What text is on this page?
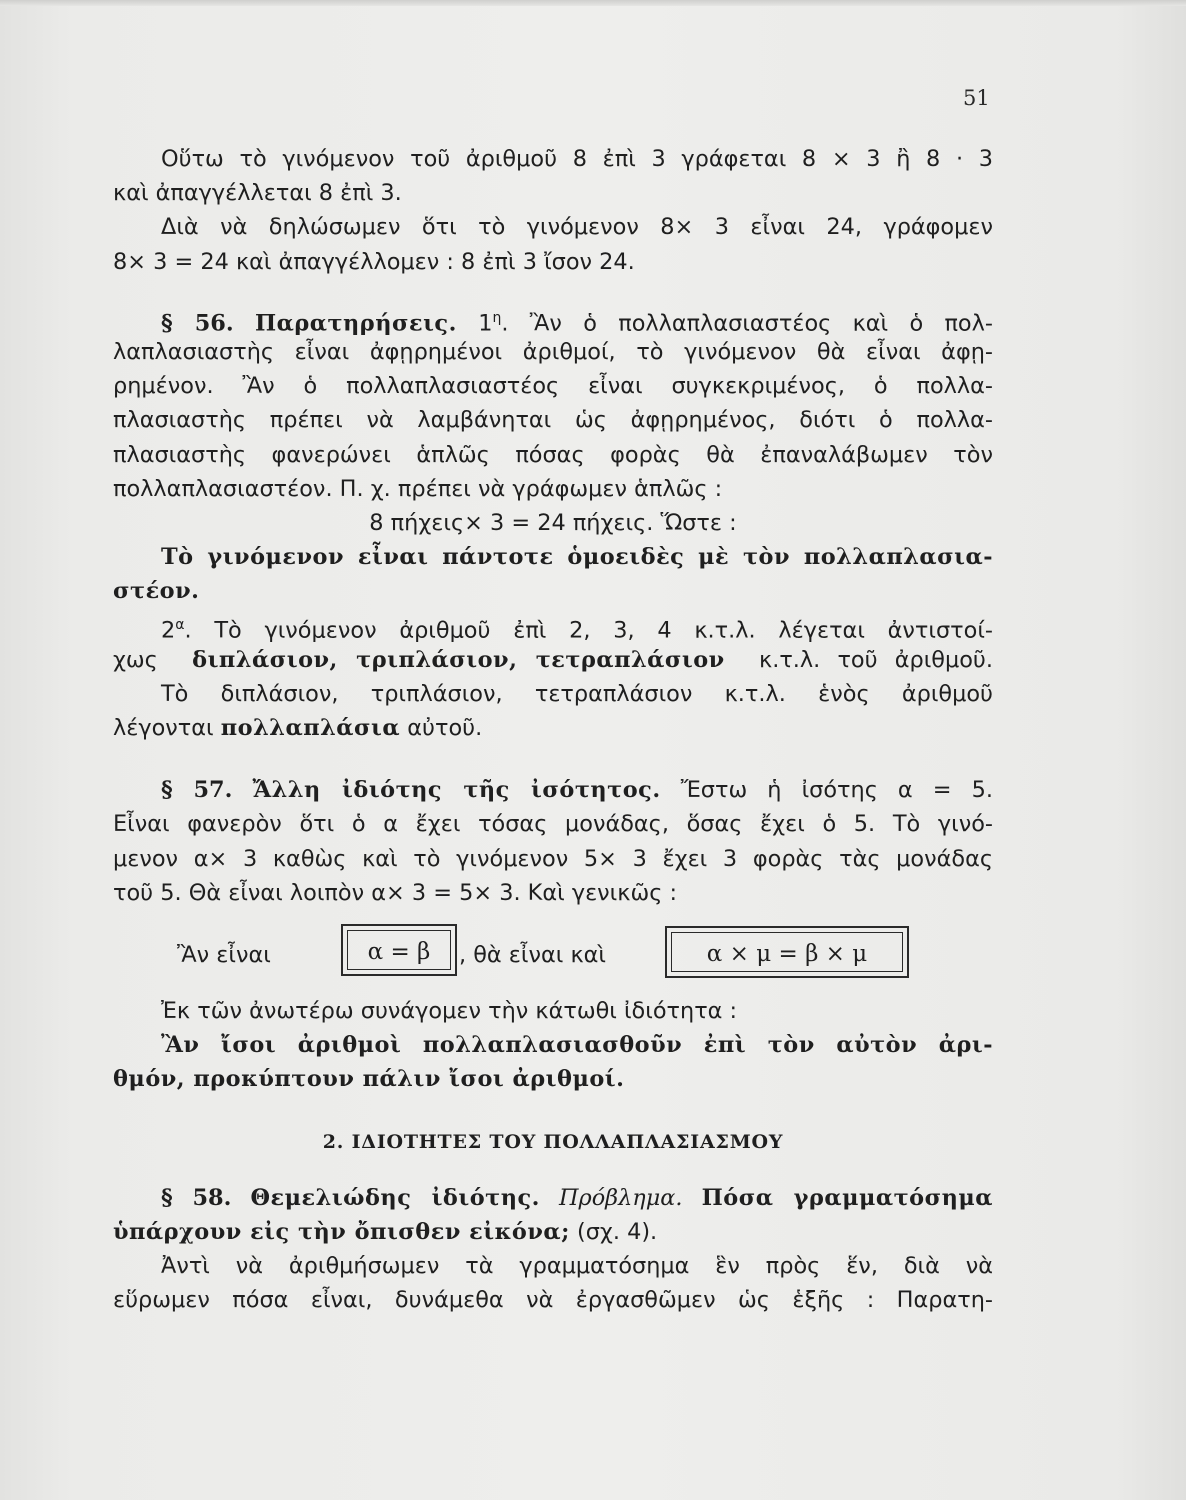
51
Οὕτω τὸ γινόμενον τοῦ ἀριθμοῦ 8 ἐπὶ 3 γράφεται 8 × 3 ἢ 8 · 3
καὶ ἀπαγγέλλεται 8 ἐπὶ 3.
Διὰ νὰ δηλώσωμεν ὅτι τὸ γινόμενον 8× 3 εἶναι 24, γράφομεν
8× 3 = 24 καὶ ἀπαγγέλλομεν : 8 ἐπὶ 3 ἴσον 24.
§ 56. Παρατηρήσεις. $1^\eta$. Ἂν ὁ πολλαπλασιαστέος καὶ ὁ πολ-
λαπλασιαστὴς εἶναι ἀφῃρημένοι ἀριθμοί, τὸ γινόμενον θὰ εἶναι ἀφῃ-
ρημένον. Ἂν ὁ πολλαπλασιαστέος εἶναι συγκεκριμένος, ὁ πολλα-
πλασιαστὴς πρέπει νὰ λαμβάνηται ὡς ἀφῃρημένος, διότι ὁ πολλα-
πλασιαστὴς φανερώνει ἁπλῶς πόσας φορὰς θὰ ἐπαναλάβωμεν τὸν
πολλαπλασιαστέον. Π. χ. πρέπει νὰ γράφωμεν ἁπλῶς :
8 πήχεις× 3 = 24 πήχεις. Ὥστε :
Τὸ γινόμενον εἶναι πάντοτε ὁμοειδὲς μὲ τὸν πολλαπλασια-
στέον.
$2^\alpha$. Τὸ γινόμενον ἀριθμοῦ ἐπὶ 2, 3, 4 κ.τ.λ. λέγεται ἀντιστοί-
χως διπλάσιον, τριπλάσιον, τετραπλάσιον κ.τ.λ. τοῦ ἀριθμοῦ.
Τὸ διπλάσιον, τριπλάσιον, τετραπλάσιον κ.τ.λ. ἑνὸς ἀριθμοῦ
λέγονται πολλαπλάσια αὐτοῦ.
§ 57. Ἄλλη ἰδιότης τῆς ἰσότητος. Ἔστω ἡ ἰσότης α = 5.
Εἶναι φανερὸν ὅτι ὁ α ἔχει τόσας μονάδας, ὅσας ἔχει ὁ 5. Τὸ γινό-
μενον α× 3 καθὼς καὶ τὸ γινόμενον 5× 3 ἔχει 3 φορὰς τὰς μονάδας
τοῦ 5. Θὰ εἶναι λοιπὸν α× 3 = 5× 3. Καὶ γενικῶς :
Ἂν εἶναι	α = β	, θὰ εἶναι καὶ	α × μ = β × μ
Ἐκ τῶν ἀνωτέρω συνάγομεν τὴν κάτωθι ἰδιότητα :
Ἂν ἴσοι ἀριθμοὶ πολλαπλασιασθοῦν ἐπὶ τὸν αὐτὸν ἀρι-
θμόν, προκύπτουν πάλιν ἴσοι ἀριθμοί.
2. ΙΔΙΟΤΗΤΕΣ ΤΟΥ ΠΟΛΛΑΠΛΑΣΙΑΣΜΟΥ
§ 58. Θεμελιώδης ἰδιότης. Πρόβλημα. Πόσα γραμματόσημα
ὑπάρχουν εἰς τὴν ὄπισθεν εἰκόνα; (σχ. 4).
Ἀντὶ νὰ ἀριθμήσωμεν τὰ γραμματόσημα ἓν πρὸς ἕν, διὰ νὰ
εὕρωμεν πόσα εἶναι, δυνάμεθα νὰ ἐργασθῶμεν ὡς ἑξῆς : Παρατη-
